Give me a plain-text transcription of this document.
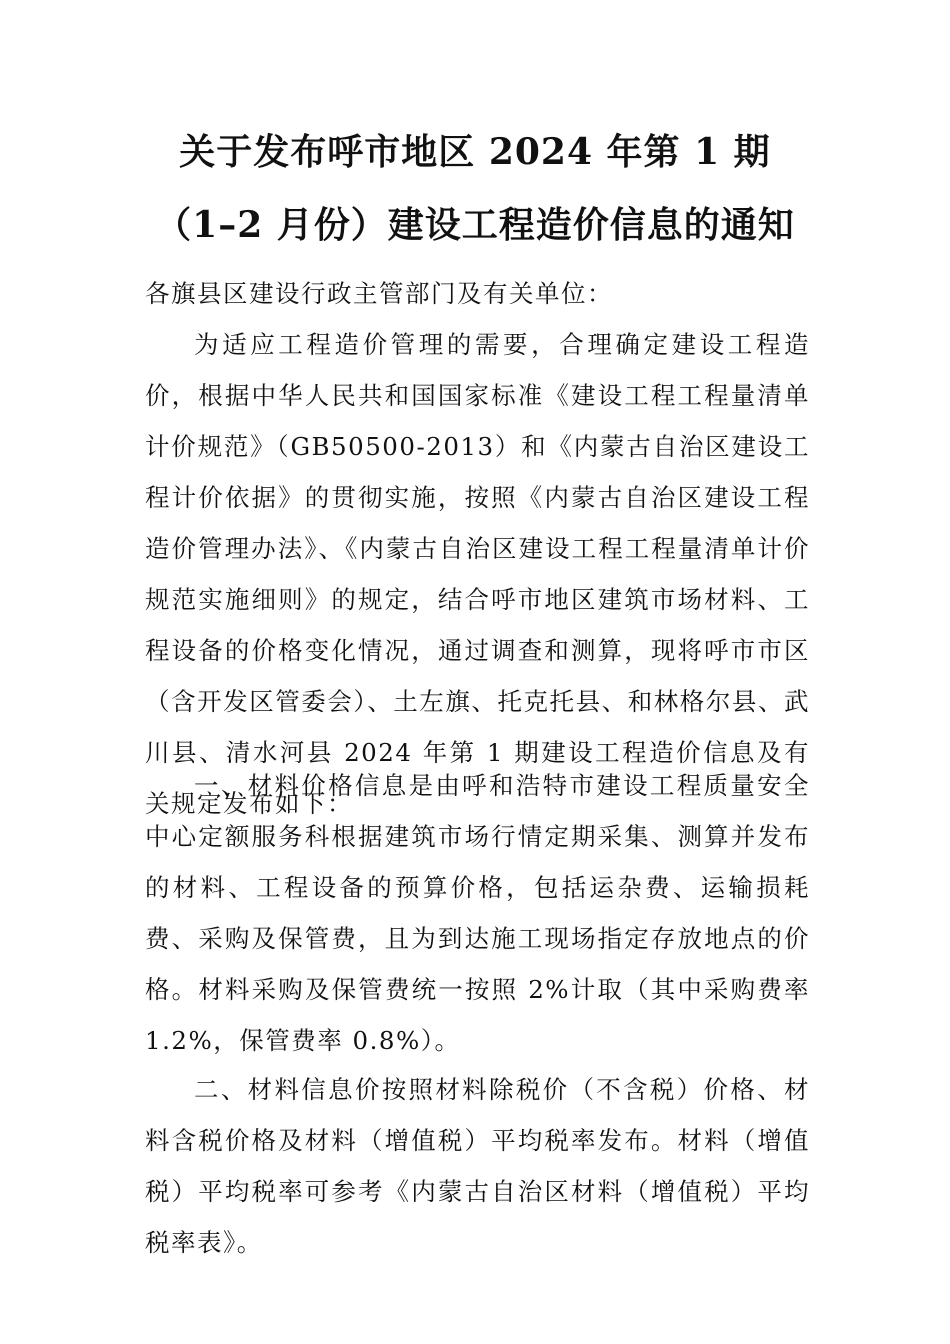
关于发布呼市地区 2024 年第 1 期
（1–2 月份）建设工程造价信息的通知
各旗县区建设行政主管部门及有关单位：

为适应工程造价管理的需要，合理确定建设工程造价，根据中华人民共和国国家标准《建设工程工程量清单计价规范》（GB50500-2013）和《内蒙古自治区建设工程计价依据》的贯彻实施，按照《内蒙古自治区建设工程造价管理办法》、《内蒙古自治区建设工程工程量清单计价规范实施细则》的规定，结合呼市地区建筑市场材料、工程设备的价格变化情况，通过调查和测算，现将呼市市区（含开发区管委会）、土左旗、托克托县、和林格尔县、武川县、清水河县 2024 年第 1 期建设工程造价信息及有关规定发布如下：

一、材料价格信息是由呼和浩特市建设工程质量安全中心定额服务科根据建筑市场行情定期采集、测算并发布的材料、工程设备的预算价格，包括运杂费、运输损耗费、采购及保管费，且为到达施工现场指定存放地点的价格。材料采购及保管费统一按照 2%计取（其中采购费率 1.2%，保管费率 0.8%）。

二、材料信息价按照材料除税价（不含税）价格、材料含税价格及材料（增值税）平均税率发布。材料（增值税）平均税率可参考《内蒙古自治区材料（增值税）平均税率表》。
